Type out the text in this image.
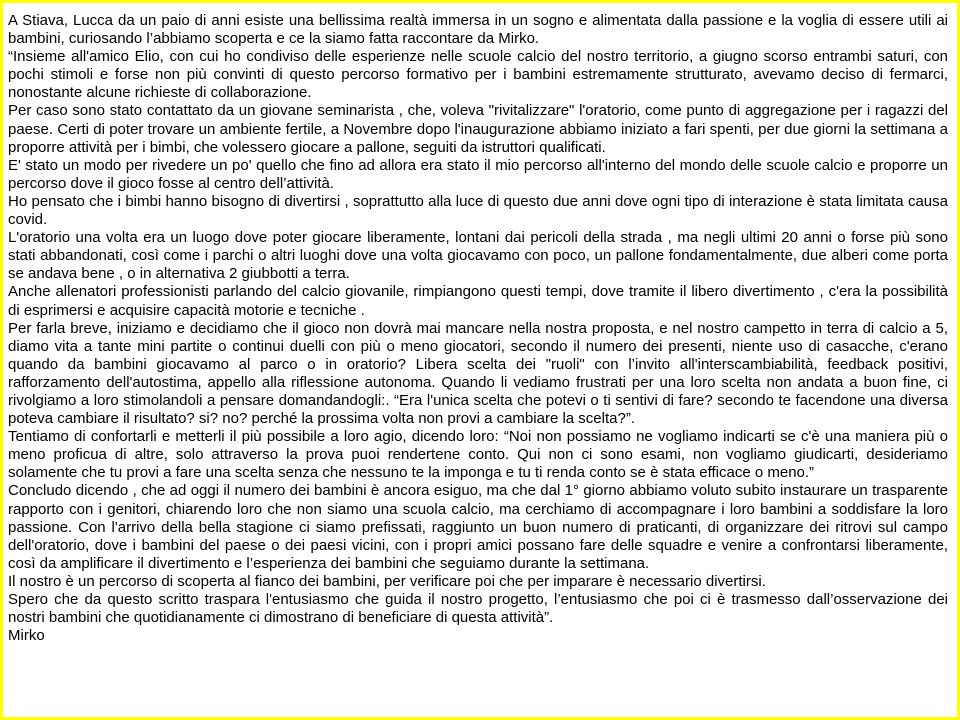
A Stiava, Lucca da un paio di anni esiste una bellissima realtà immersa in un sogno e alimentata dalla passione e la voglia di essere utili ai bambini, curiosando l’abbiamo scoperta e ce la siamo fatta raccontare da Mirko.

“Insieme all'amico Elio, con cui ho condiviso delle esperienze nelle scuole calcio del nostro territorio, a giugno scorso entrambi saturi, con pochi stimoli e forse non più convinti di questo percorso formativo per i bambini estremamente strutturato, avevamo deciso di fermarci, nonostante alcune richieste di collaborazione.

Per caso sono stato contattato da un giovane seminarista , che, voleva "rivitalizzare" l'oratorio, come punto di aggregazione per i ragazzi del paese. Certi di poter trovare un ambiente fertile, a Novembre dopo l'inaugurazione abbiamo iniziato a fari spenti, per due giorni la settimana a proporre attività per i bimbi, che volessero giocare a pallone, seguiti da istruttori qualificati.

E' stato un modo per rivedere un po' quello che fino ad allora era stato il mio percorso all'interno del mondo delle scuole calcio e proporre un percorso dove il gioco fosse al centro dell’attività.

Ho pensato che i bimbi hanno bisogno di divertirsi , soprattutto alla luce di questo due anni dove ogni tipo di interazione è stata limitata causa covid.

L'oratorio una volta era un luogo dove poter giocare liberamente, lontani dai pericoli della strada , ma negli ultimi 20 anni o forse più sono stati abbandonati, così come i parchi o altri luoghi dove una volta giocavamo con poco, un pallone fondamentalmente, due alberi come porta se andava bene , o in alternativa 2 giubbotti a terra.

Anche allenatori professionisti parlando del calcio giovanile, rimpiangono questi tempi, dove tramite il libero divertimento , c'era la possibilità di esprimersi e acquisire capacità motorie e tecniche .

Per farla breve, iniziamo e decidiamo che il gioco non dovrà mai mancare nella nostra proposta, e nel nostro campetto in terra di calcio a 5, diamo vita a tante mini partite o continui duelli con più o meno giocatori, secondo il numero dei presenti, niente uso di casacche, c'erano quando da bambini giocavamo al parco o in oratorio? Libera scelta dei "ruoli" con l’invito all'interscambiabilità, feedback positivi, rafforzamento dell'autostima, appello alla riflessione autonoma. Quando li vediamo frustrati per una loro scelta non andata a buon fine, ci rivolgiamo a loro stimolandoli a pensare domandandogli:. “Era l'unica scelta che potevi o ti sentivi di fare? secondo te facendone una diversa poteva cambiare il risultato? si? no? perché la prossima volta non provi a cambiare la scelta?”.

Tentiamo di confortarli e metterli il più possibile a loro agio, dicendo loro: “Noi non possiamo ne vogliamo indicarti se c'è una maniera più o meno proficua di altre, solo attraverso la prova puoi rendertene conto. Qui non ci sono esami, non vogliamo giudicarti, desideriamo solamente che tu provi a fare una scelta senza che nessuno te la imponga e tu ti renda conto se è stata efficace o meno.”

Concludo dicendo , che ad oggi il numero dei bambini è ancora esiguo, ma che dal 1° giorno abbiamo voluto subito instaurare un trasparente rapporto con i genitori, chiarendo loro che non siamo una scuola calcio, ma cerchiamo di accompagnare i loro bambini a soddisfare la loro passione. Con l'arrivo della bella stagione ci siamo prefissati, raggiunto un buon numero di praticanti, di organizzare dei ritrovi sul campo dell'oratorio, dove i bambini del paese o dei paesi vicini, con i propri amici possano fare delle squadre e venire a confrontarsi liberamente, così da amplificare il divertimento e l’esperienza dei bambini che seguiamo durante la settimana.

Il nostro è un percorso di scoperta al fianco dei bambini, per verificare poi che per imparare è necessario divertirsi.

Spero che da questo scritto traspara l'entusiasmo che guida il nostro progetto, l’entusiasmo che poi ci è trasmesso dall’osservazione dei nostri bambini che quotidianamente ci dimostrano di beneficiare di questa attività”.

Mirko
